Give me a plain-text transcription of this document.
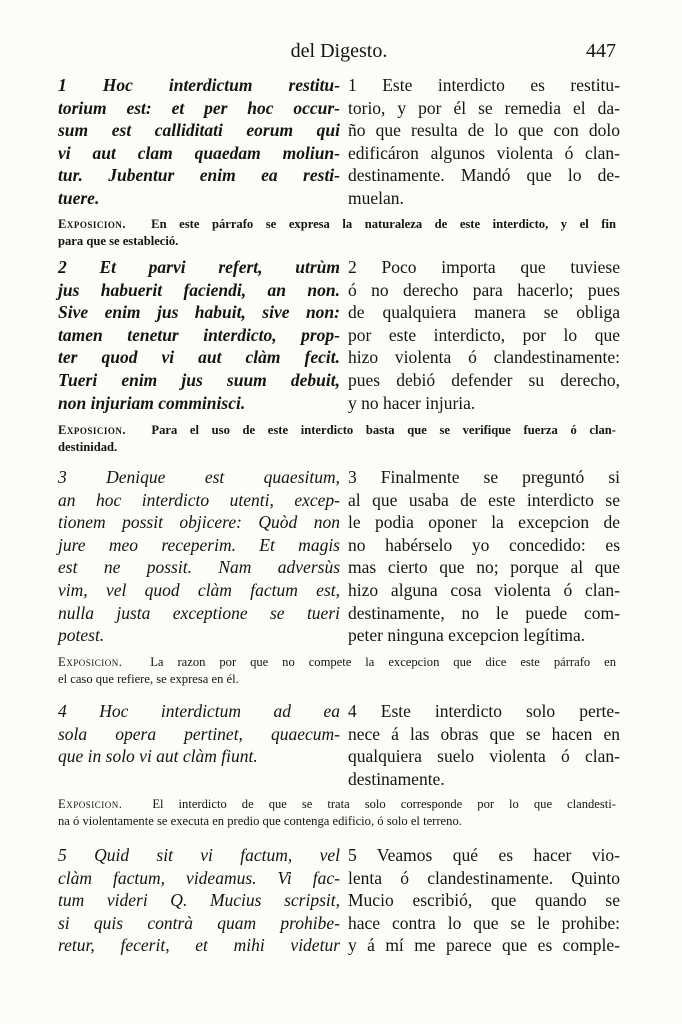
del Digesto.	447
1 Hoc interdictum restitu-
torium est: et per hoc occur-
sum est calliditati eorum qui
vi aut clam quaedam moliun-
tur. Jubentur enim ea resti-
tuere.
1 Este interdicto es restitu-
torio, y por él se remedia el da-
ño que resulta de lo que con dolo
edificáron algunos violenta ó clan-
destinamente. Mandó que lo de-
muelan.
Exposicion. En este párrafo se expresa la naturaleza de este interdicto, y el fin
para que se estableció.
2 Et parvi refert, utrùm
jus habuerit faciendi, an non.
Sive enim jus habuit, sive non:
tamen tenetur interdicto, prop-
ter quod vi aut clàm fecit.
Tueri enim jus suum debuit,
non injuriam comminisci.
2 Poco importa que tuviese
ó no derecho para hacerlo; pues
de qualquiera manera se obliga
por este interdicto, por lo que
hizo violenta ó clandestinamente:
pues debió defender su derecho,
y no hacer injuria.
Exposicion. Para el uso de este interdicto basta que se verifique fuerza ó clan-
destinidad.
3 Denique est quaesitum,
an hoc interdicto utenti, excep-
tionem possit objicere: Quòd non
jure meo receperim. Et magis
est ne possit. Nam adversùs
vim, vel quod clàm factum est,
nulla justa exceptione se tueri
potest.
3 Finalmente se preguntó si
al que usaba de este interdicto se
le podia oponer la excepcion de
no habérselo yo concedido: es
mas cierto que no; porque al que
hizo alguna cosa violenta ó clan-
destinamente, no le puede com-
peter ninguna excepcion legítima.
Exposicion. La razon por que no compete la excepcion que dice este párrafo en
el caso que refiere, se expresa en él.
4 Hoc interdictum ad ea
sola opera pertinet, quaecum-
que in solo vi aut clàm fiunt.
4 Este interdicto solo perte-
nece á las obras que se hacen en
qualquiera suelo violenta ó clan-
destinamente.
Exposicion. El interdicto de que se trata solo corresponde por lo que clandesti-
na ó violentamente se executa en predio que contenga edificio, ó solo el terreno.
5 Quid sit vi factum, vel
clàm factum, videamus. Vi fac-
tum videri Q. Mucius scripsit,
si quis contrà quam prohibe-
retur, fecerit, et mihi videtur
5 Veamos qué es hacer vio-
lenta ó clandestinamente. Quinto
Mucio escribió, que quando se
hace contra lo que se le prohibe:
y á mí me parece que es comple-
